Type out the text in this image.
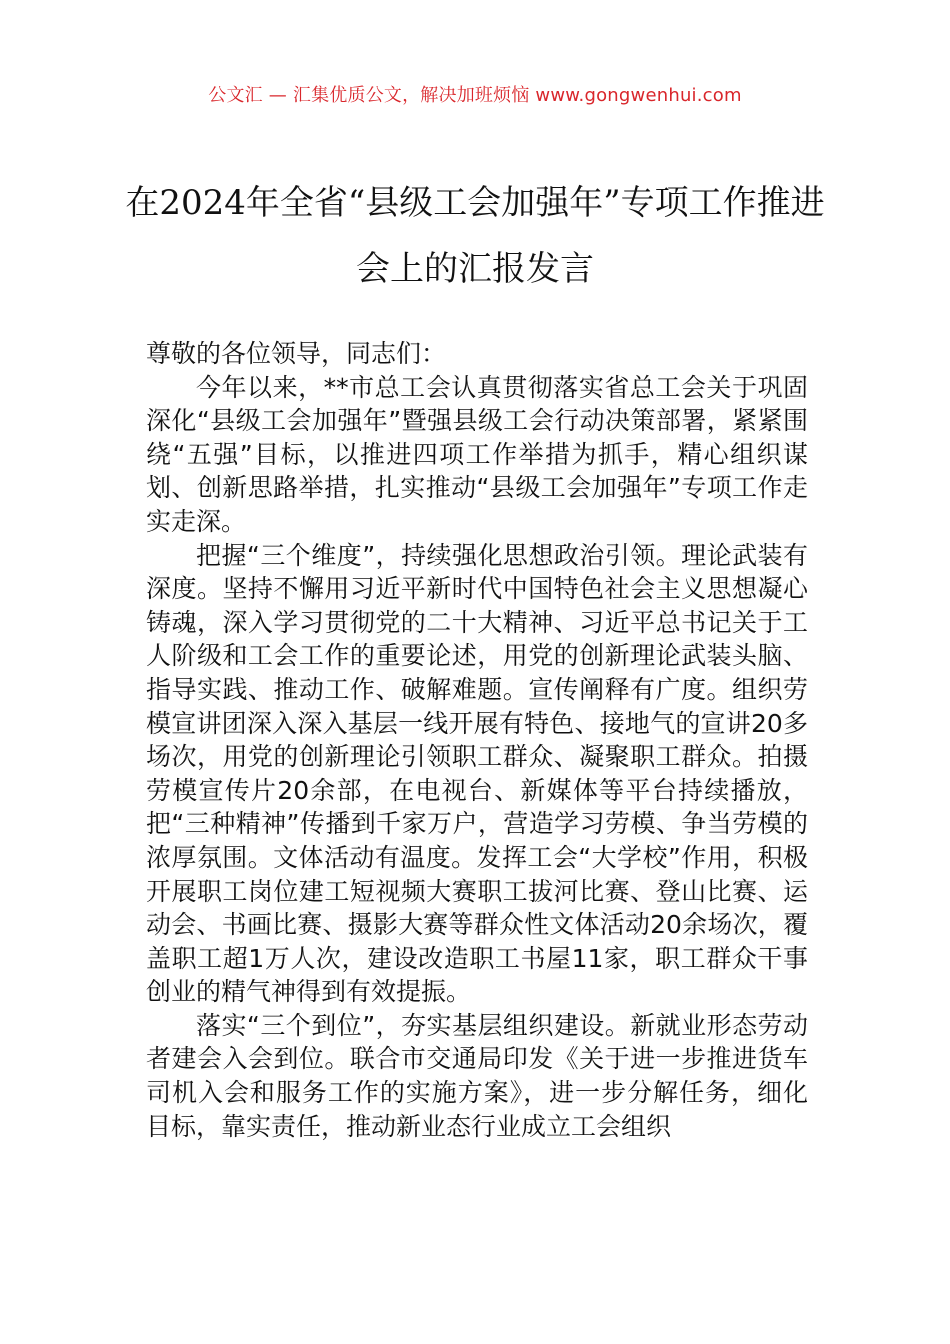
公文汇 — 汇集优质公文，解决加班烦恼 www.gongwenhui.com
在2024年全省“县级工会加强年”专项工作推进会上的汇报发言

尊敬的各位领导，同志们：

今年以来，**市总工会认真贯彻落实省总工会关于巩固深化“县级工会加强年”暨强县级工会行动决策部署，紧紧围绕“五强”目标，以推进四项工作举措为抓手，精心组织谋划、创新思路举措，扎实推动“县级工会加强年”专项工作走实走深。

把握“三个维度”，持续强化思想政治引领。理论武装有深度。坚持不懈用习近平新时代中国特色社会主义思想凝心铸魂，深入学习贯彻党的二十大精神、习近平总书记关于工人阶级和工会工作的重要论述，用党的创新理论武装头脑、指导实践、推动工作、破解难题。宣传阐释有广度。组织劳模宣讲团深入深入基层一线开展有特色、接地气的宣讲20多场次，用党的创新理论引领职工群众、凝聚职工群众。拍摄劳模宣传片20余部，在电视台、新媒体等平台持续播放，把“三种精神”传播到千家万户，营造学习劳模、争当劳模的浓厚氛围。文体活动有温度。发挥工会“大学校”作用，积极开展职工岗位建工短视频大赛职工拔河比赛、登山比赛、运动会、书画比赛、摄影大赛等群众性文体活动20余场次，覆盖职工超1万人次，建设改造职工书屋11家，职工群众干事创业的精气神得到有效提振。

落实“三个到位”，夯实基层组织建设。新就业形态劳动者建会入会到位。联合市交通局印发《关于进一步推进货车司机入会和服务工作的实施方案》，进一步分解任务，细化目标，靠实责任，推动新业态行业成立工会组织
